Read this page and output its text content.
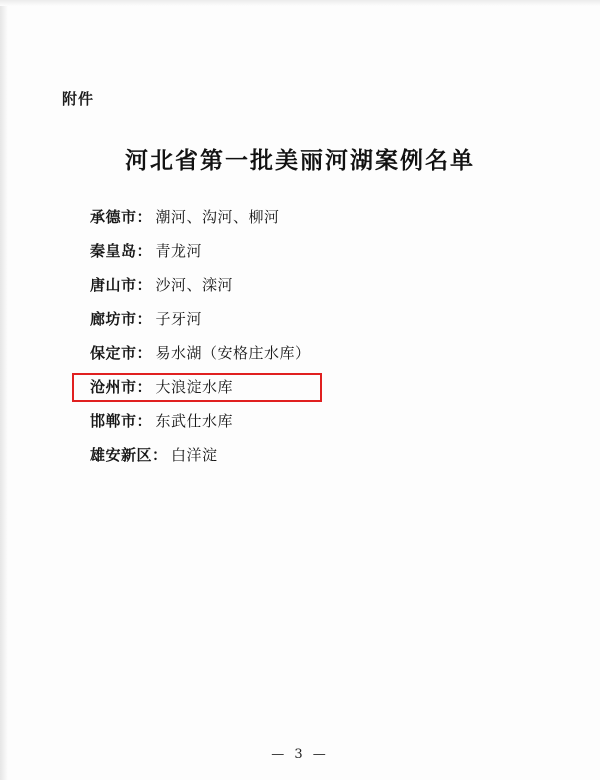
附件
河北省第一批美丽河湖案例名单
承德市 ： 潮河、沟河、柳河
秦皇岛 ： 青龙河
唐山市 ： 沙河、滦河
廊坊市 ： 子牙河
保定市 ： 易水湖（安格庄水库）
沧州市 ： 大浪淀水库
邯郸市 ： 东武仕水库
雄安新区 ： 白洋淀
— 3 —
